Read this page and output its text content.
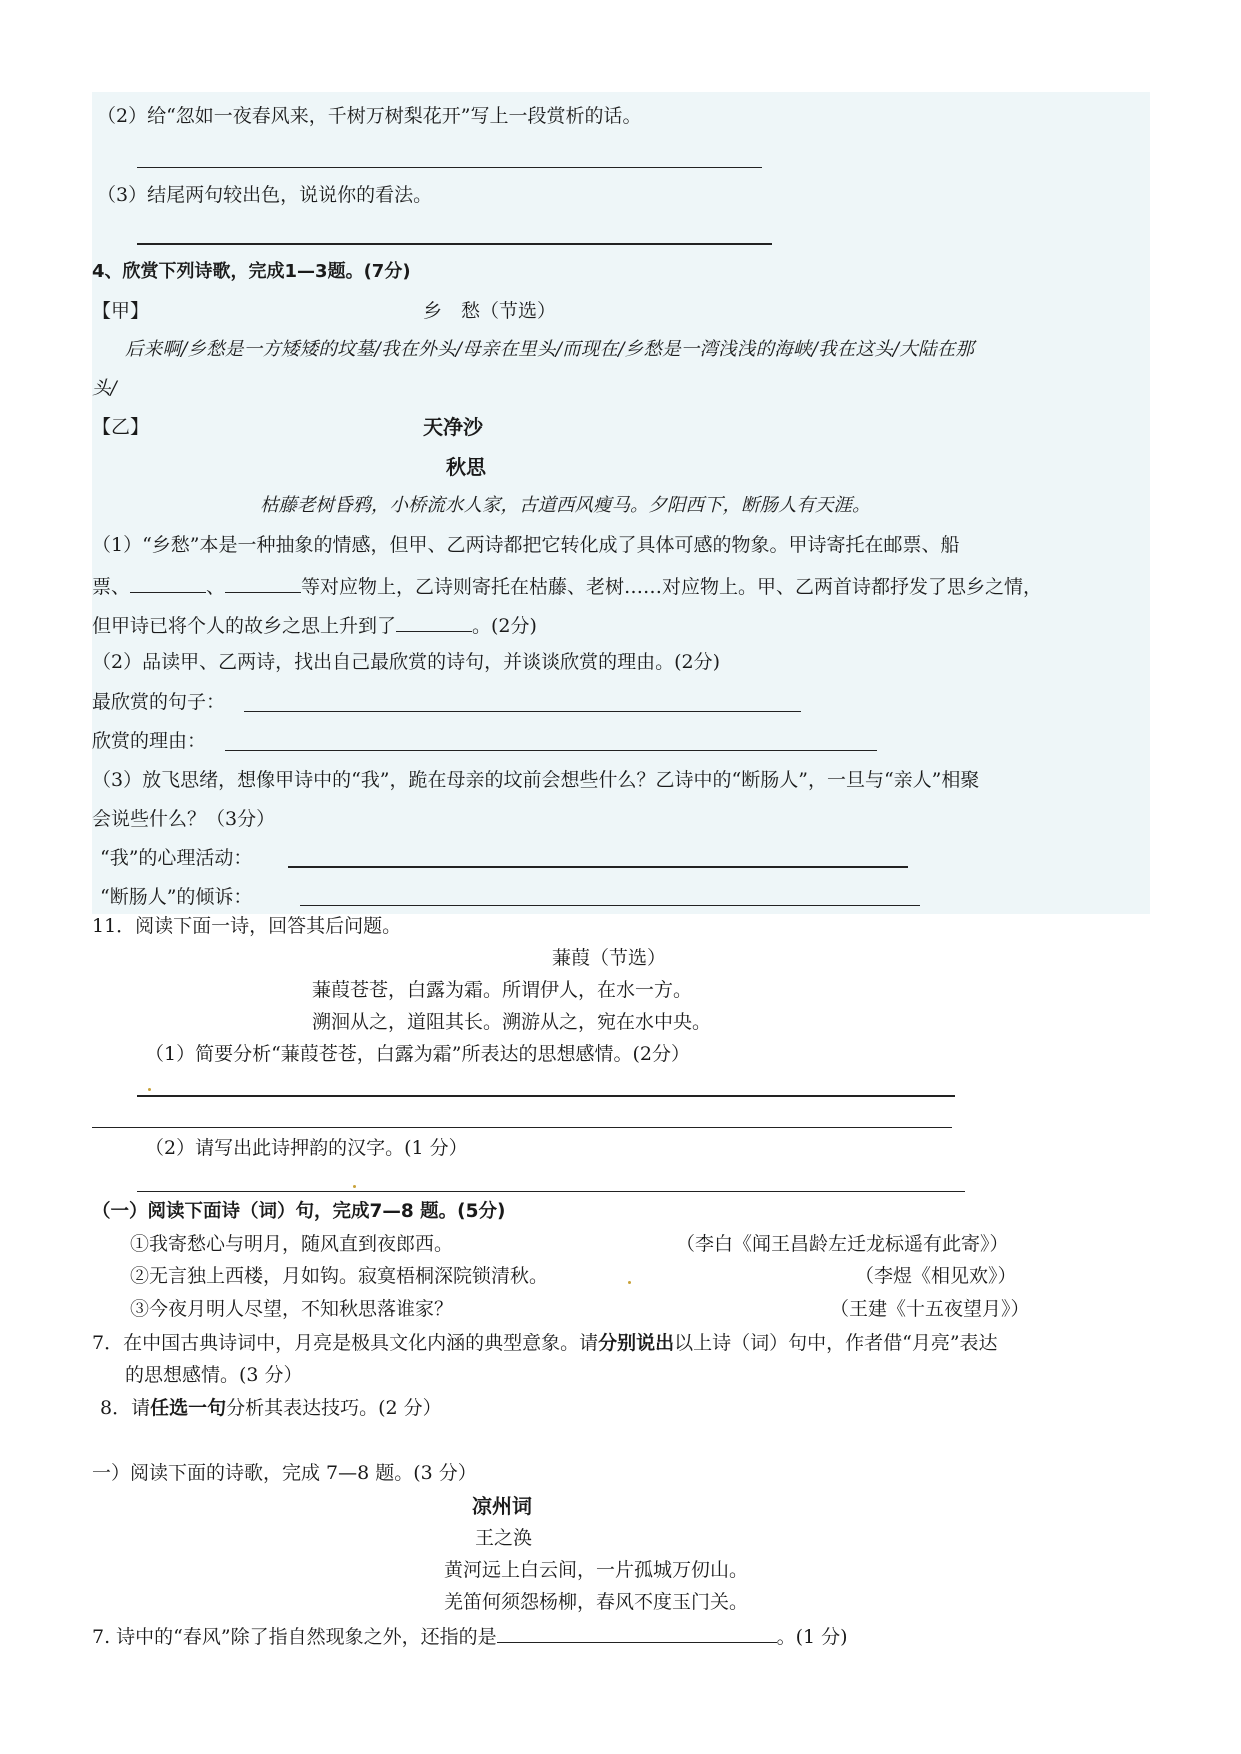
（2）给“忽如一夜春风来，千树万树梨花开”写上一段赏析的话。
（3）结尾两句较出色，说说你的看法。
4、欣赏下列诗歌，完成1—3题。(7分)
【甲】	乡　愁（节选）
后来啊/乡愁是一方矮矮的坟墓/我在外头/母亲在里头/而现在/乡愁是一湾浅浅的海峡/我在这头/大陆在那
头/
【乙】	天净沙
秋思
枯藤老树昏鸦，小桥流水人家，古道西风瘦马。夕阳西下，断肠人有天涯。
（1）“乡愁”本是一种抽象的情感，但甲、乙两诗都把它转化成了具体可感的物象。甲诗寄托在邮票、船
票、	、	等对应物上，乙诗则寄托在枯藤、老树……对应物上。甲、乙两首诗都抒发了思乡之情，
但甲诗已将个人的故乡之思上升到了	。(2分)
（2）品读甲、乙两诗，找出自己最欣赏的诗句，并谈谈欣赏的理由。(2分)
最欣赏的句子：
欣赏的理由：
（3）放飞思绪，想像甲诗中的“我”，跪在母亲的坟前会想些什么？乙诗中的“断肠人”，一旦与“亲人”相聚
会说些什么？（3分）
“我”的心理活动：
“断肠人”的倾诉：
11．阅读下面一诗，回答其后问题。
蒹葭（节选）
蒹葭苍苍，白露为霜。所谓伊人，在水一方。
溯洄从之，道阻其长。溯游从之，宛在水中央。
（1）简要分析“蒹葭苍苍，白露为霜”所表达的思想感情。(2分）
（2）请写出此诗押韵的汉字。(1 分）
（一）阅读下面诗（词）句，完成7—8 题。(5分)
①我寄愁心与明月，随风直到夜郎西。	（李白《闻王昌龄左迁龙标遥有此寄》）
②无言独上西楼，月如钩。寂寞梧桐深院锁清秋。	（李煜《相见欢》）
③今夜月明人尽望，不知秋思落谁家？	（王建《十五夜望月》）
7．在中国古典诗词中，月亮是极具文化内涵的典型意象。请分别说出以上诗（词）句中，作者借“月亮”表达
的思想感情。(3 分）
8．请任选一句分析其表达技巧。(2 分）
一）阅读下面的诗歌，完成 7—8 题。(3 分）
凉州词
王之涣
黄河远上白云间，一片孤城万仞山。
羌笛何须怨杨柳，春风不度玉门关。
7. 诗中的“春风”除了指自然现象之外，还指的是	。(1 分)
